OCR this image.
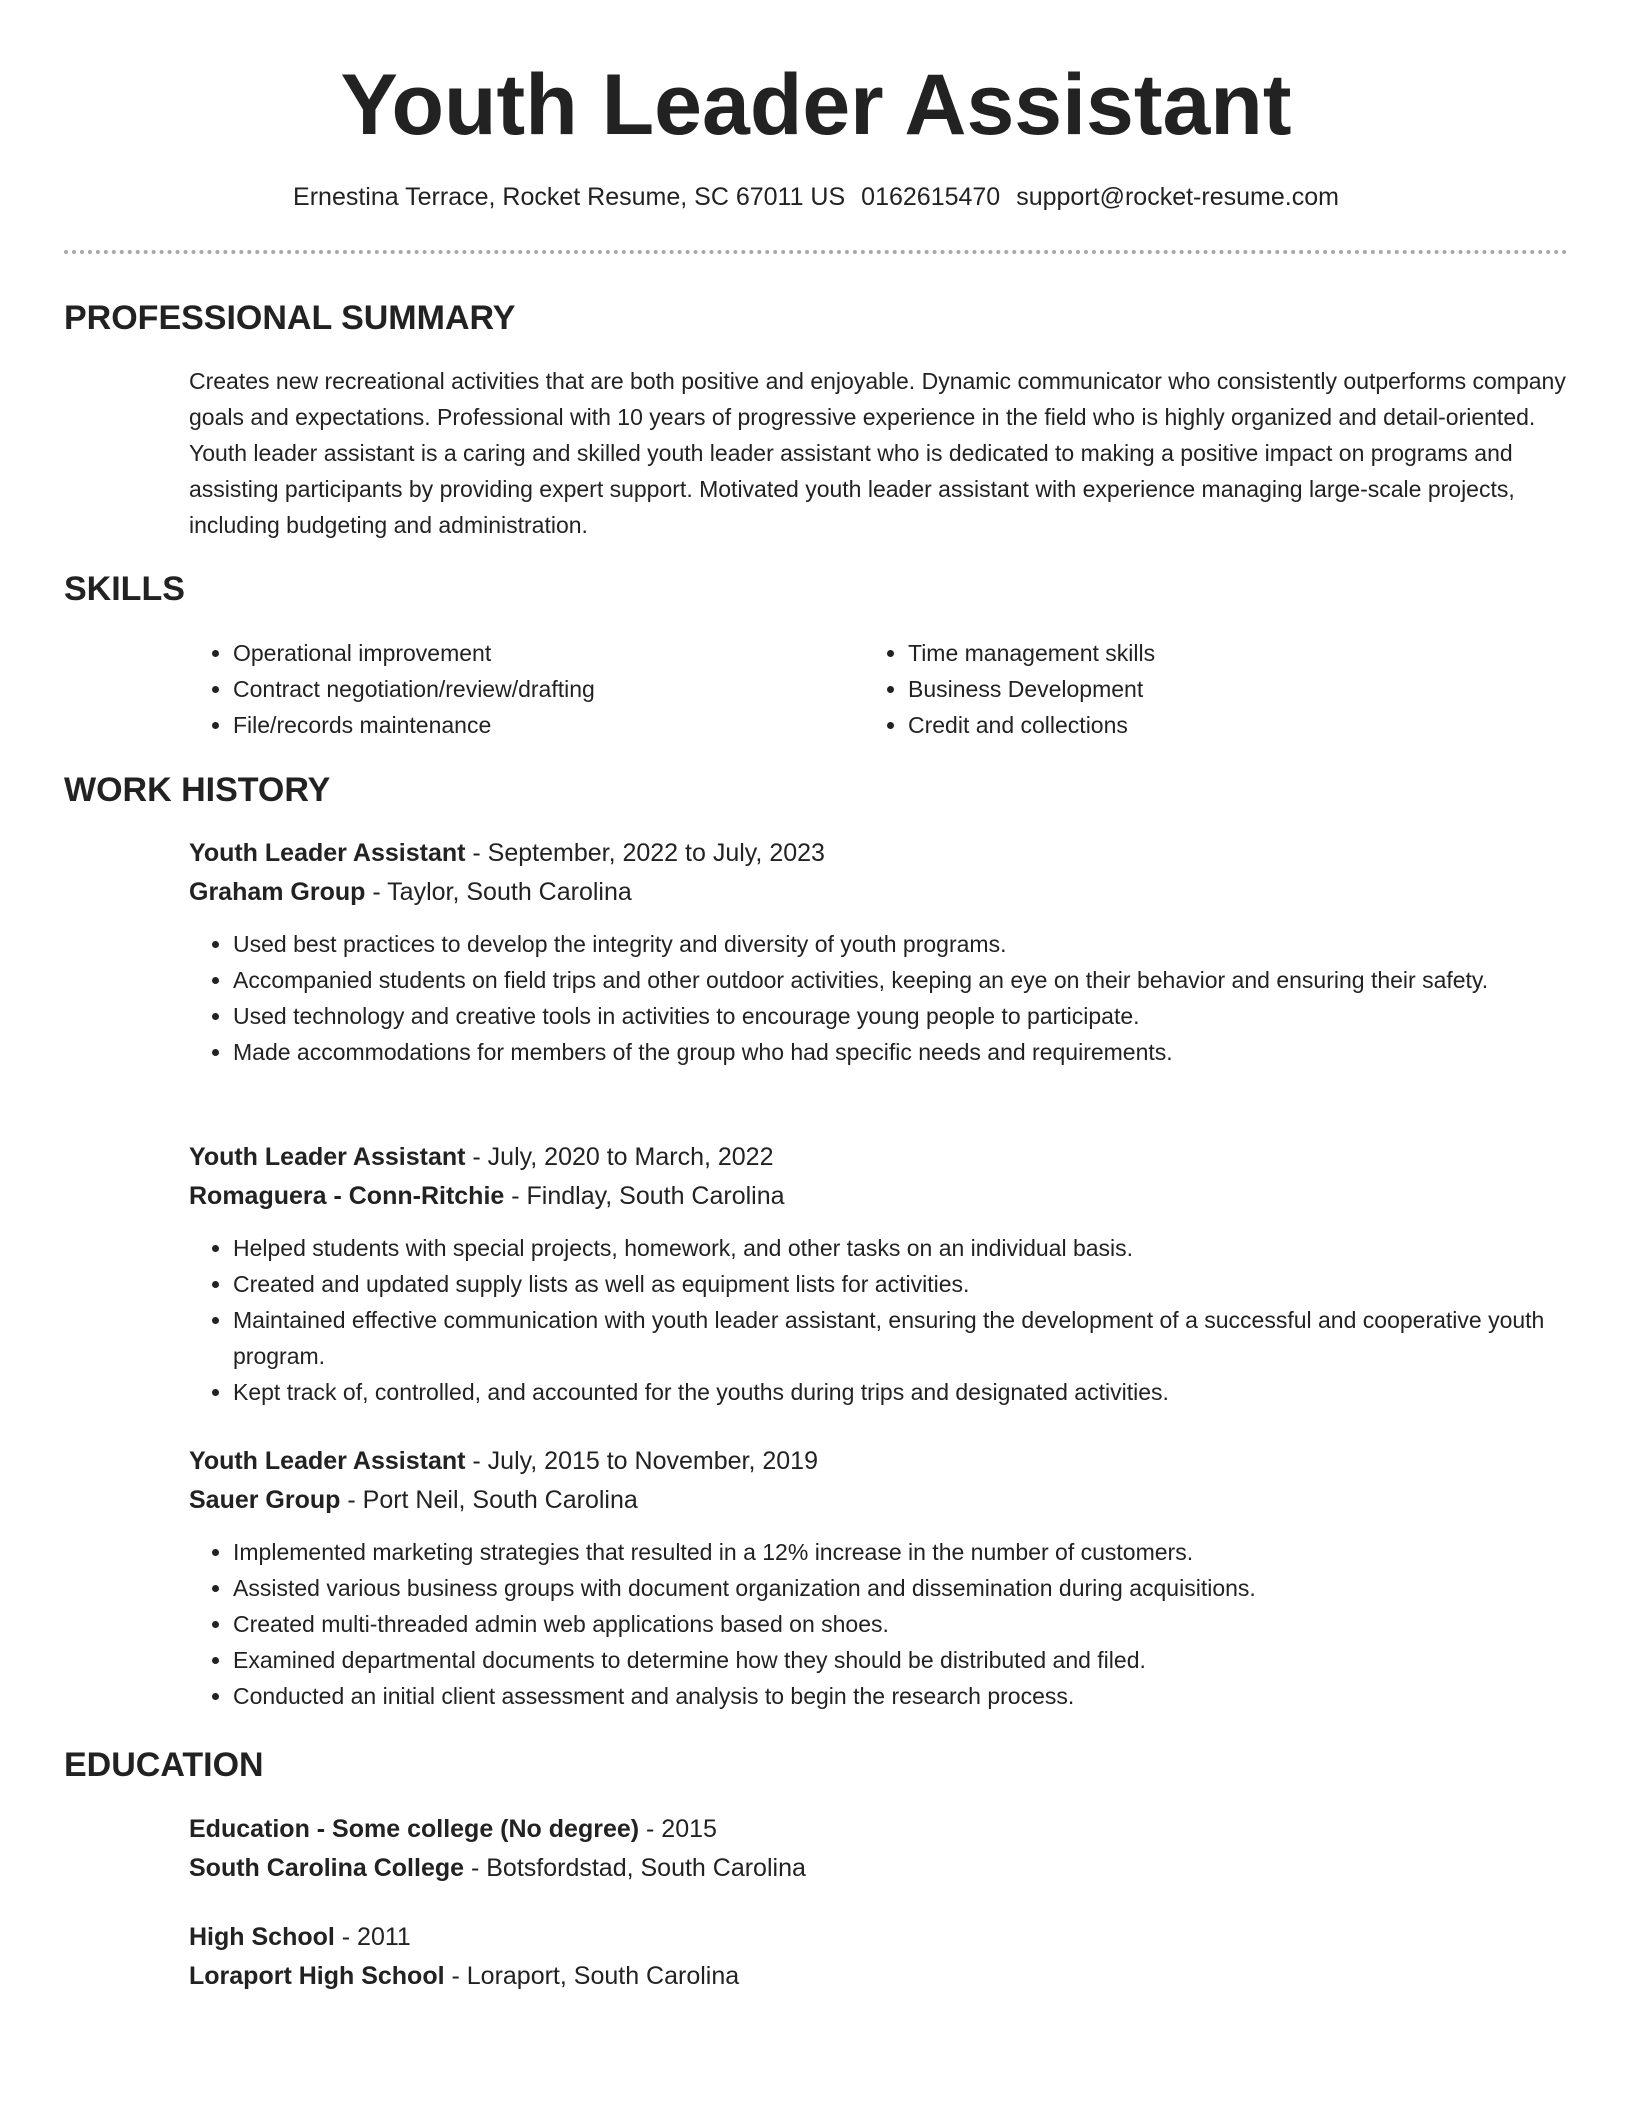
Youth Leader Assistant
Ernestina Terrace, Rocket Resume, SC 67011 US 0162615470 support@rocket-resume.com
PROFESSIONAL SUMMARY
Creates new recreational activities that are both positive and enjoyable. Dynamic communicator who consistently outperforms company goals and expectations. Professional with 10 years of progressive experience in the field who is highly organized and detail-oriented. Youth leader assistant is a caring and skilled youth leader assistant who is dedicated to making a positive impact on programs and assisting participants by providing expert support. Motivated youth leader assistant with experience managing large-scale projects, including budgeting and administration.
SKILLS
• Operational improvement
• Contract negotiation/review/drafting
• File/records maintenance
• Time management skills
• Business Development
• Credit and collections
WORK HISTORY
Youth Leader Assistant - September, 2022 to July, 2023
Graham Group - Taylor, South Carolina
• Used best practices to develop the integrity and diversity of youth programs.
• Accompanied students on field trips and other outdoor activities, keeping an eye on their behavior and ensuring their safety.
• Used technology and creative tools in activities to encourage young people to participate.
• Made accommodations for members of the group who had specific needs and requirements.
Youth Leader Assistant - July, 2020 to March, 2022
Romaguera - Conn-Ritchie - Findlay, South Carolina
• Helped students with special projects, homework, and other tasks on an individual basis.
• Created and updated supply lists as well as equipment lists for activities.
• Maintained effective communication with youth leader assistant, ensuring the development of a successful and cooperative youth program.
• Kept track of, controlled, and accounted for the youths during trips and designated activities.
Youth Leader Assistant - July, 2015 to November, 2019
Sauer Group - Port Neil, South Carolina
• Implemented marketing strategies that resulted in a 12% increase in the number of customers.
• Assisted various business groups with document organization and dissemination during acquisitions.
• Created multi-threaded admin web applications based on shoes.
• Examined departmental documents to determine how they should be distributed and filed.
• Conducted an initial client assessment and analysis to begin the research process.
EDUCATION
Education - Some college (No degree) - 2015
South Carolina College - Botsfordstad, South Carolina
High School - 2011
Loraport High School - Loraport, South Carolina
